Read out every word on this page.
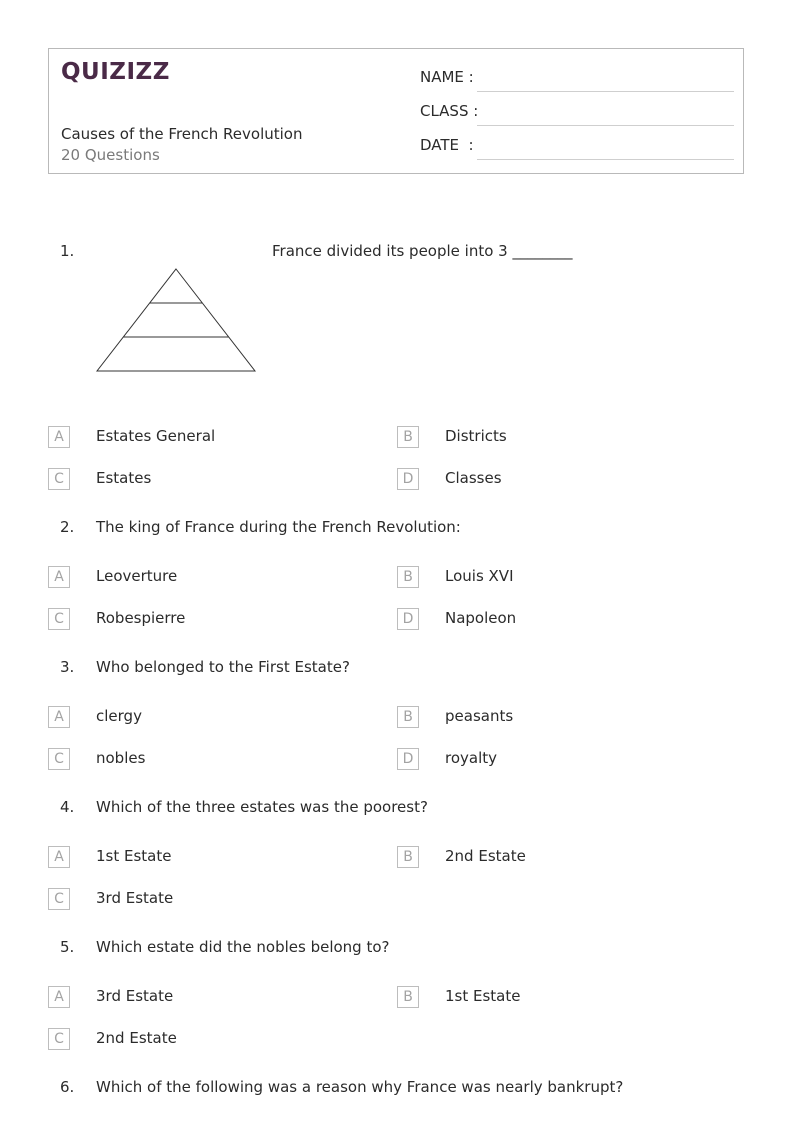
QUIZIZZ
Causes of the French Revolution
20 Questions
NAME :
CLASS :
DATE  :
1.	France divided its people into 3 ________
A	Estates General	B	Districts
C	Estates	D	Classes
2. The king of France during the French Revolution:
A	Leoverture	B	Louis XVI
C	Robespierre	D	Napoleon
3. Who belonged to the First Estate?
A	clergy	B	peasants
C	nobles	D	royalty
4. Which of the three estates was the poorest?
A	1st Estate	B	2nd Estate
C	3rd Estate
5. Which estate did the nobles belong to?
A	3rd Estate	B	1st Estate
C	2nd Estate
6. Which of the following was a reason why France was nearly bankrupt?
